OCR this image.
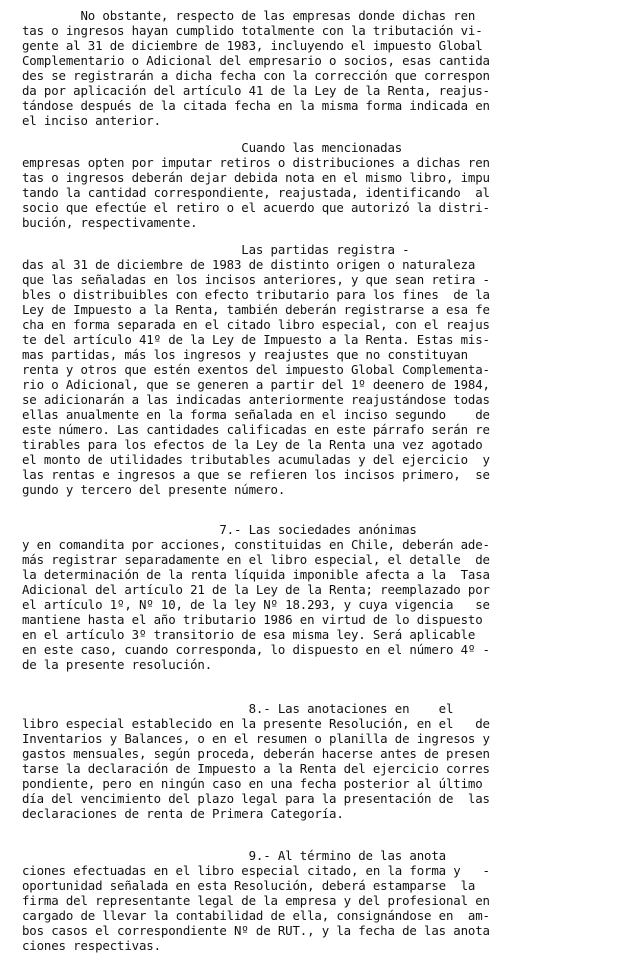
No obstante, respecto de las empresas donde dichas ren
tas o ingresos hayan cumplido totalmente con la tributación vi-
gente al 31 de diciembre de 1983, incluyendo el impuesto Global
Complementario o Adicional del empresario o socios, esas cantida
des se registrarán a dicha fecha con la corrección que correspon
da por aplicación del artículo 41 de la Ley de la Renta, reajus-
tándose después de la citada fecha en la misma forma indicada en
el inciso anterior.
Cuando las mencionadas
empresas opten por imputar retiros o distribuciones a dichas ren
tas o ingresos deberán dejar debida nota en el mismo libro, impu
tando la cantidad correspondiente, reajustada, identificando  al
socio que efectúe el retiro o el acuerdo que autorizó la distri-
bución, respectivamente.
Las partidas registra -
das al 31 de diciembre de 1983 de distinto origen o naturaleza
que las señaladas en los incisos anteriores, y que sean retira -
bles o distribuibles con efecto tributario para los fines  de la
Ley de Impuesto a la Renta, también deberán registrarse a esa fe
cha en forma separada en el citado libro especial, con el reajus
te del artículo 41º de la Ley de Impuesto a la Renta. Estas mis-
mas partidas, más los ingresos y reajustes que no constituyan
renta y otros que estén exentos del impuesto Global Complementa-
rio o Adicional, que se generen a partir del 1º deenero de 1984,
se adicionarán a las indicadas anteriormente reajustándose todas
ellas anualmente en la forma señalada en el inciso segundo    de
este número. Las cantidades calificadas en este párrafo serán re
tirables para los efectos de la Ley de la Renta una vez agotado
el monto de utilidades tributables acumuladas y del ejercicio  y
las rentas e ingresos a que se refieren los incisos primero,  se
gundo y tercero del presente número.
7.- Las sociedades anónimas
y en comandita por acciones, constituidas en Chile, deberán ade-
más registrar separadamente en el libro especial, el detalle  de
la determinación de la renta líquida imponible afecta a la  Tasa
Adicional del artículo 21 de la Ley de la Renta; reemplazado por
el artículo 1º, Nº 10, de la ley Nº 18.293, y cuya vigencia   se
mantiene hasta el año tributario 1986 en virtud de lo dispuesto
en el artículo 3º transitorio de esa misma ley. Será aplicable
en este caso, cuando corresponda, lo dispuesto en el número 4º -
de la presente resolución.
8.- Las anotaciones en    el
libro especial establecido en la presente Resolución, en el   de
Inventarios y Balances, o en el resumen o planilla de ingresos y
gastos mensuales, según proceda, deberán hacerse antes de presen
tarse la declaración de Impuesto a la Renta del ejercicio corres
pondiente, pero en ningún caso en una fecha posterior al último
día del vencimiento del plazo legal para la presentación de  las
declaraciones de renta de Primera Categoría.
9.- Al término de las anota
ciones efectuadas en el libro especial citado, en la forma y   -
oportunidad señalada en esta Resolución, deberá estamparse  la
firma del representante legal de la empresa y del profesional en
cargado de llevar la contabilidad de ella, consignándose en  am-
bos casos el correspondiente Nº de RUT., y la fecha de las anota
ciones respectivas.
